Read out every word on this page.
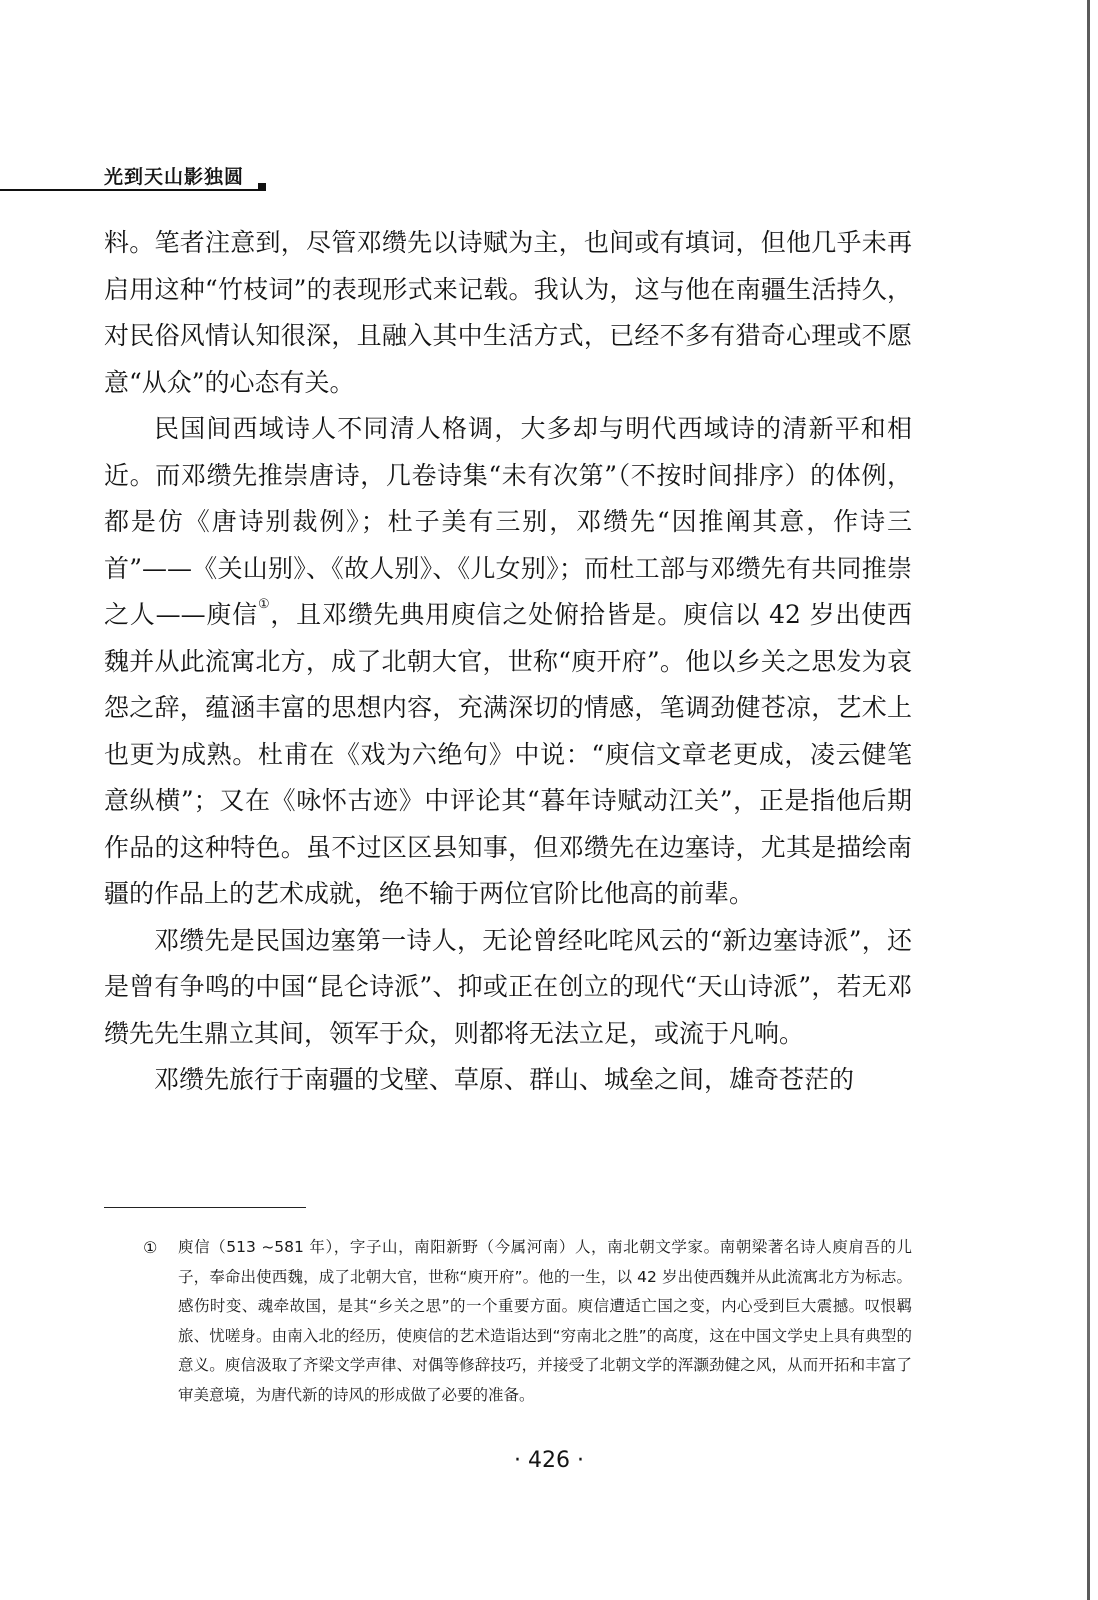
光到天山影独圆

料。笔者注意到，尽管邓缵先以诗赋为主，也间或有填词，但他几乎未再启用这种“竹枝词”的表现形式来记载。我认为，这与他在南疆生活持久，对民俗风情认知很深，且融入其中生活方式，已经不多有猎奇心理或不愿意“从众”的心态有关。

民国间西域诗人不同清人格调，大多却与明代西域诗的清新平和相近。而邓缵先推崇唐诗，几卷诗集“未有次第”（不按时间排序）的体例，都是仿《唐诗别裁例》；杜子美有三别，邓缵先“因推阐其意，作诗三首”——《关山别》、《故人别》、《儿女别》；而杜工部与邓缵先有共同推崇之人——庾信①，且邓缵先典用庾信之处俯拾皆是。庾信以 42 岁出使西魏并从此流寓北方，成了北朝大官，世称“庾开府”。他以乡关之思发为哀怨之辞，蕴涵丰富的思想内容，充满深切的情感，笔调劲健苍凉，艺术上也更为成熟。杜甫在《戏为六绝句》中说：“庾信文章老更成，凌云健笔意纵横”；又在《咏怀古迹》中评论其“暮年诗赋动江关”，正是指他后期作品的这种特色。虽不过区区县知事，但邓缵先在边塞诗，尤其是描绘南疆的作品上的艺术成就，绝不输于两位官阶比他高的前辈。

邓缵先是民国边塞第一诗人，无论曾经叱咤风云的“新边塞诗派”，还是曾有争鸣的中国“昆仑诗派”、抑或正在创立的现代“天山诗派”，若无邓缵先先生鼎立其间，领军于众，则都将无法立足，或流于凡响。

邓缵先旅行于南疆的戈壁、草原、群山、城垒之间，雄奇苍茫的

①	庾信（513 ~581 年），字子山，南阳新野（今属河南）人，南北朝文学家。南朝梁著名诗人庾肩吾的儿子，奉命出使西魏，成了北朝大官，世称“庾开府”。他的一生，以 42 岁出使西魏并从此流寓北方为标志。感伤时变、魂牵故国，是其“乡关之思”的一个重要方面。庾信遭适亡国之变，内心受到巨大震撼。叹恨羁旅、忧嗟身。由南入北的经历，使庾信的艺术造诣达到“穷南北之胜”的高度，这在中国文学史上具有典型的意义。庾信汲取了齐梁文学声律、对偶等修辞技巧，并接受了北朝文学的浑灏劲健之风，从而开拓和丰富了审美意境，为唐代新的诗风的形成做了必要的准备。

· 426 ·
